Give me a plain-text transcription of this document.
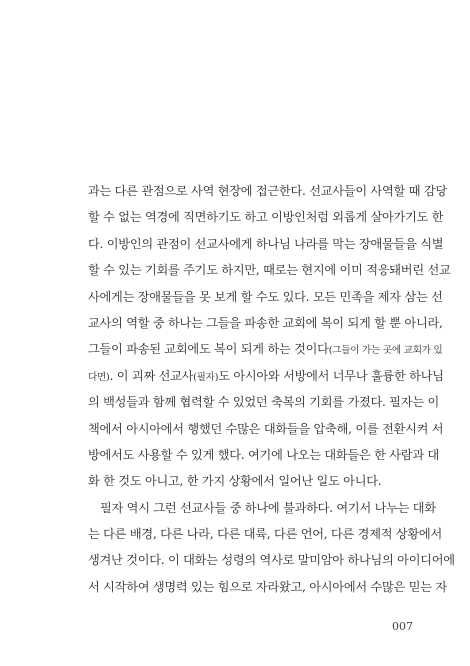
과는 다른 관점으로 사역 현장에 접근한다. 선교사들이 사역할 때 감당
할 수 없는 역경에 직면하기도 하고 이방인처럼 외롭게 살아가기도 한
다. 이방인의 관점이 선교사에게 하나님 나라를 막는 장애물들을 식별
할 수 있는 기회를 주기도 하지만, 때로는 현지에 이미 적응돼버린 선교
사에게는 장애물들을 못 보게 할 수도 있다. 모든 민족을 제자 삼는 선
교사의 역할 중 하나는 그들을 파송한 교회에 복이 되게 할 뿐 아니라,
그들이 파송된 교회에도 복이 되게 하는 것이다(그들이 가는 곳에 교회가 있
다면). 이 괴짜 선교사(필자)도 아시아와 서방에서 너무나 훌륭한 하나님
의 백성들과 함께 협력할 수 있었던 축복의 기회를 가졌다. 필자는 이
책에서 아시아에서 행했던 수많은 대화들을 압축해, 이를 전환시켜 서
방에서도 사용할 수 있게 했다. 여기에 나오는 대화들은 한 사람과 대
화 한 것도 아니고, 한 가지 상황에서 일어난 일도 아니다.
필자 역시 그런 선교사들 중 하나에 불과하다. 여기서 나누는 대화
는 다른 배경, 다른 나라, 다른 대륙, 다른 언어, 다른 경제적 상황에서
생겨난 것이다. 이 대화는 성령의 역사로 말미암아 하나님의 아이디어에
서 시작하여 생명력 있는 힘으로 자라왔고, 아시아에서 수많은 믿는 자
007
